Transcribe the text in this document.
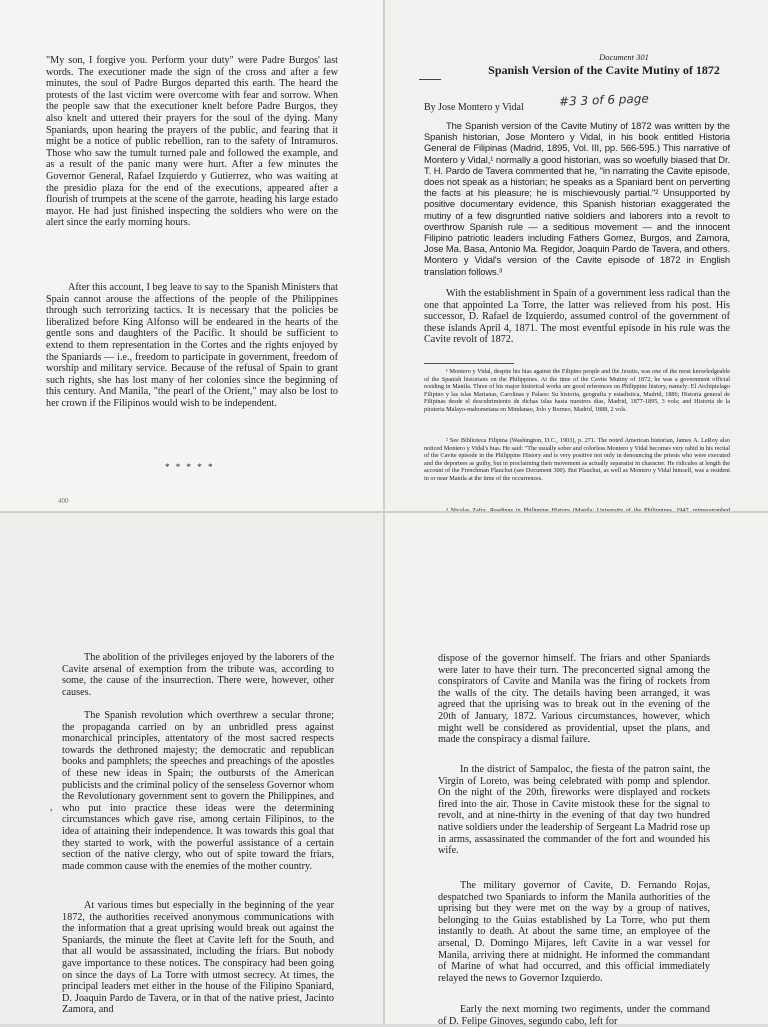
"My son, I forgive you. Perform your duty" were Padre Burgos' last words. The executioner made the sign of the cross and after a few minutes, the soul of Padre Burgos departed this earth. The heard the protests of the last victim were overcome with fear and sorrow. When the people saw that the executioner knelt before Padre Burgos, they also knelt and uttered their prayers for the soul of the dying. Many Spaniards, upon hearing the prayers of the public, and fearing that it might be a notice of public rebellion, ran to the safety of Intramuros. Those who saw the tumult turned pale and followed the example, and as a result of the panic many were hurt. After a few minutes the Governor General, Rafael Izquierdo y Gutierrez, who was waiting at the presidio plaza for the end of the executions, appeared after a flourish of trumpets at the scene of the garrote, heading his large estado mayor. He had just finished inspecting the soldiers who were on the alert since the early morning hours.

After this account, I beg leave to say to the Spanish Ministers that Spain cannot arouse the affections of the people of the Philippines through such terrorizing tactics. It is necessary that the policies be liberalized before King Alfonso will be endeared in the hearts of the gentle sons and daughters of the Pacific. It should be sufficient to extend to them representation in the Cortes and the rights enjoyed by the Spaniards — i.e., freedom to participate in government, freedom of worship and military service. Because of the refusal of Spain to grant such rights, she has lost many of her colonies since the beginning of this century. And Manila, "the pearl of the Orient," may also be lost to her crown if the Filipinos would wish to be independent.

* * * * *
400
Document 301
Spanish Version of the Cavite Mutiny of 1872
By Jose Montero y Vidal	#3 3 of 6 page

The Spanish version of the Cavite Mutiny of 1872 was written by the Spanish historian, Jose Montero y Vidal, in his book entitled Historia General de Filipinas (Madrid, 1895, Vol. III, pp. 566-595.) This narrative of Montero y Vidal,¹ normally a good historian, was so woefully biased that Dr. T. H. Pardo de Tavera commented that he, "in narrating the Cavite episode, does not speak as a historian; he speaks as a Spaniard bent on perverting the facts at his pleasure; he is mischievously partial."² Unsupported by positive documentary evidence, this Spanish historian exaggerated the mutiny of a few disgruntled native soldiers and laborers into a revolt to overthrow Spanish rule — a seditious movement — and the innocent Filipino patriotic leaders including Fathers Gomez, Burgos, and Zamora, Jose Ma. Basa, Antonio Ma. Regidor, Joaquin Pardo de Tavera, and others. Montero y Vidal's version of the Cavite episode of 1872 in English translation follows.³

With the establishment in Spain of a government less radical than the one that appointed La Torre, the latter was relieved from his post. His successor, D. Rafael de Izquierdo, assumed control of the government of these islands April 4, 1871. The most eventful episode in his rule was the Cavite revolt of 1872.

¹ Montero y Vidal, despite his bias against the Filipino people and the Jesuits, was one of the most knowledgeable of the Spanish historians on the Philippines. At the time of the Cavite Mutiny of 1872, he was a government official residing in Manila. Three of his major historical works are good references on Philippine history, namely: El Archipielago Filipino y las islas Marianas, Carolinas y Palaos: Su historia, geografia y estadistica, Madrid, 1886; Historia general de Filipinas desde el descubrimiento de dichas islas hasta nuestros dias, Madrid, 1877-1895, 3 vols; and Historia de la pirateria Malayo-mahometana en Mindanao, Jolo y Borneo, Madrid, 1888, 2 vols.

² See Biblioteca Filipina (Washington, D.C., 1903), p. 271. The noted American historian, James A. LeRoy also noticed Montero y Vidal's bias. He said: "The usually sober and colorless Montero y Vidal becomes very rabid in his recital of the Cavite episode in the Philippine History and is very positive not only in denouncing the priests who were executed and the deportees as guilty, but in proclaiming their movement as actually separatist in character. He ridicules at length the account of the Frenchman Plauchut (see Document 300). But Plauchut, as well as Montero y Vidal himself, was a resident in or near Manila at the time of the occurrences.

The abolition of the privileges enjoyed by the laborers of the Cavite arsenal of exemption from the tribute was, according to some, the cause of the insurrection. There were, however, other causes.

The Spanish revolution which overthrew a secular throne; the propaganda carried on by an unbridled press against monarchical principles, attentatory of the most sacred respects towards the dethroned majesty; the democratic and republican books and pamphlets; the speeches and preachings of the apostles of these new ideas in Spain; the outbursts of the American publicists and the criminal policy of the senseless Governor whom the Revolutionary government sent to govern the Philippines, and who put into practice these ideas were the determining circumstances which gave rise, among certain Filipinos, to the idea of attaining their independence. It was towards this goal that they started to work, with the powerful assistance of a certain section of the native clergy, who out of spite toward the friars, made common cause with the enemies of the mother country.

,

At various times but especially in the beginning of the year 1872, the authorities received anonymous communications with the information that a great uprising would break out against the Spaniards, the minute the fleet at Cavite left for the South, and that all would be assassinated, including the friars. But nobody gave importance to these notices. The conspiracy had been going on since the days of La Torre with utmost secrecy. At times, the principal leaders met either in the house of the Filipino Spaniard, D. Joaquin Pardo de Tavera, or in that of the native priest, Jacinto Zamora, and

dispose of the governor himself. The friars and other Spaniards were later to have their turn. The preconcerted signal among the conspirators of Cavite and Manila was the firing of rockets from the walls of the city. The details having been arranged, it was agreed that the uprising was to break out in the evening of the 20th of January, 1872. Various circumstances, however, which might well be considered as providential, upset the plans, and made the conspiracy a dismal failure.

In the district of Sampaloc, the fiesta of the patron saint, the Virgin of Loreto, was being celebrated with pomp and splendor. On the night of the 20th, fireworks were displayed and rockets fired into the air. Those in Cavite mistook these for the signal to revolt, and at nine-thirty in the evening of that day two hundred native soldiers under the leadership of Sergeant La Madrid rose up in arms, assassinated the commander of the fort and wounded his wife.

The military governor of Cavite, D. Fernando Rojas, despatched two Spaniards to inform the Manila authorities of the uprising but they were met on the way by a group of natives, belonging to the Guias established by La Torre, who put them instantly to death. At about the same time, an employee of the arsenal, D. Domingo Mijares, left Cavite in a war vessel for Manila, arriving there at midnight. He informed the commandant of Marine of what had occurred, and this official immediately relayed the news to Governor Izquierdo.

Early the next morning two regiments, under the command of D. Felipe Ginoves, segundo cabo, left for
